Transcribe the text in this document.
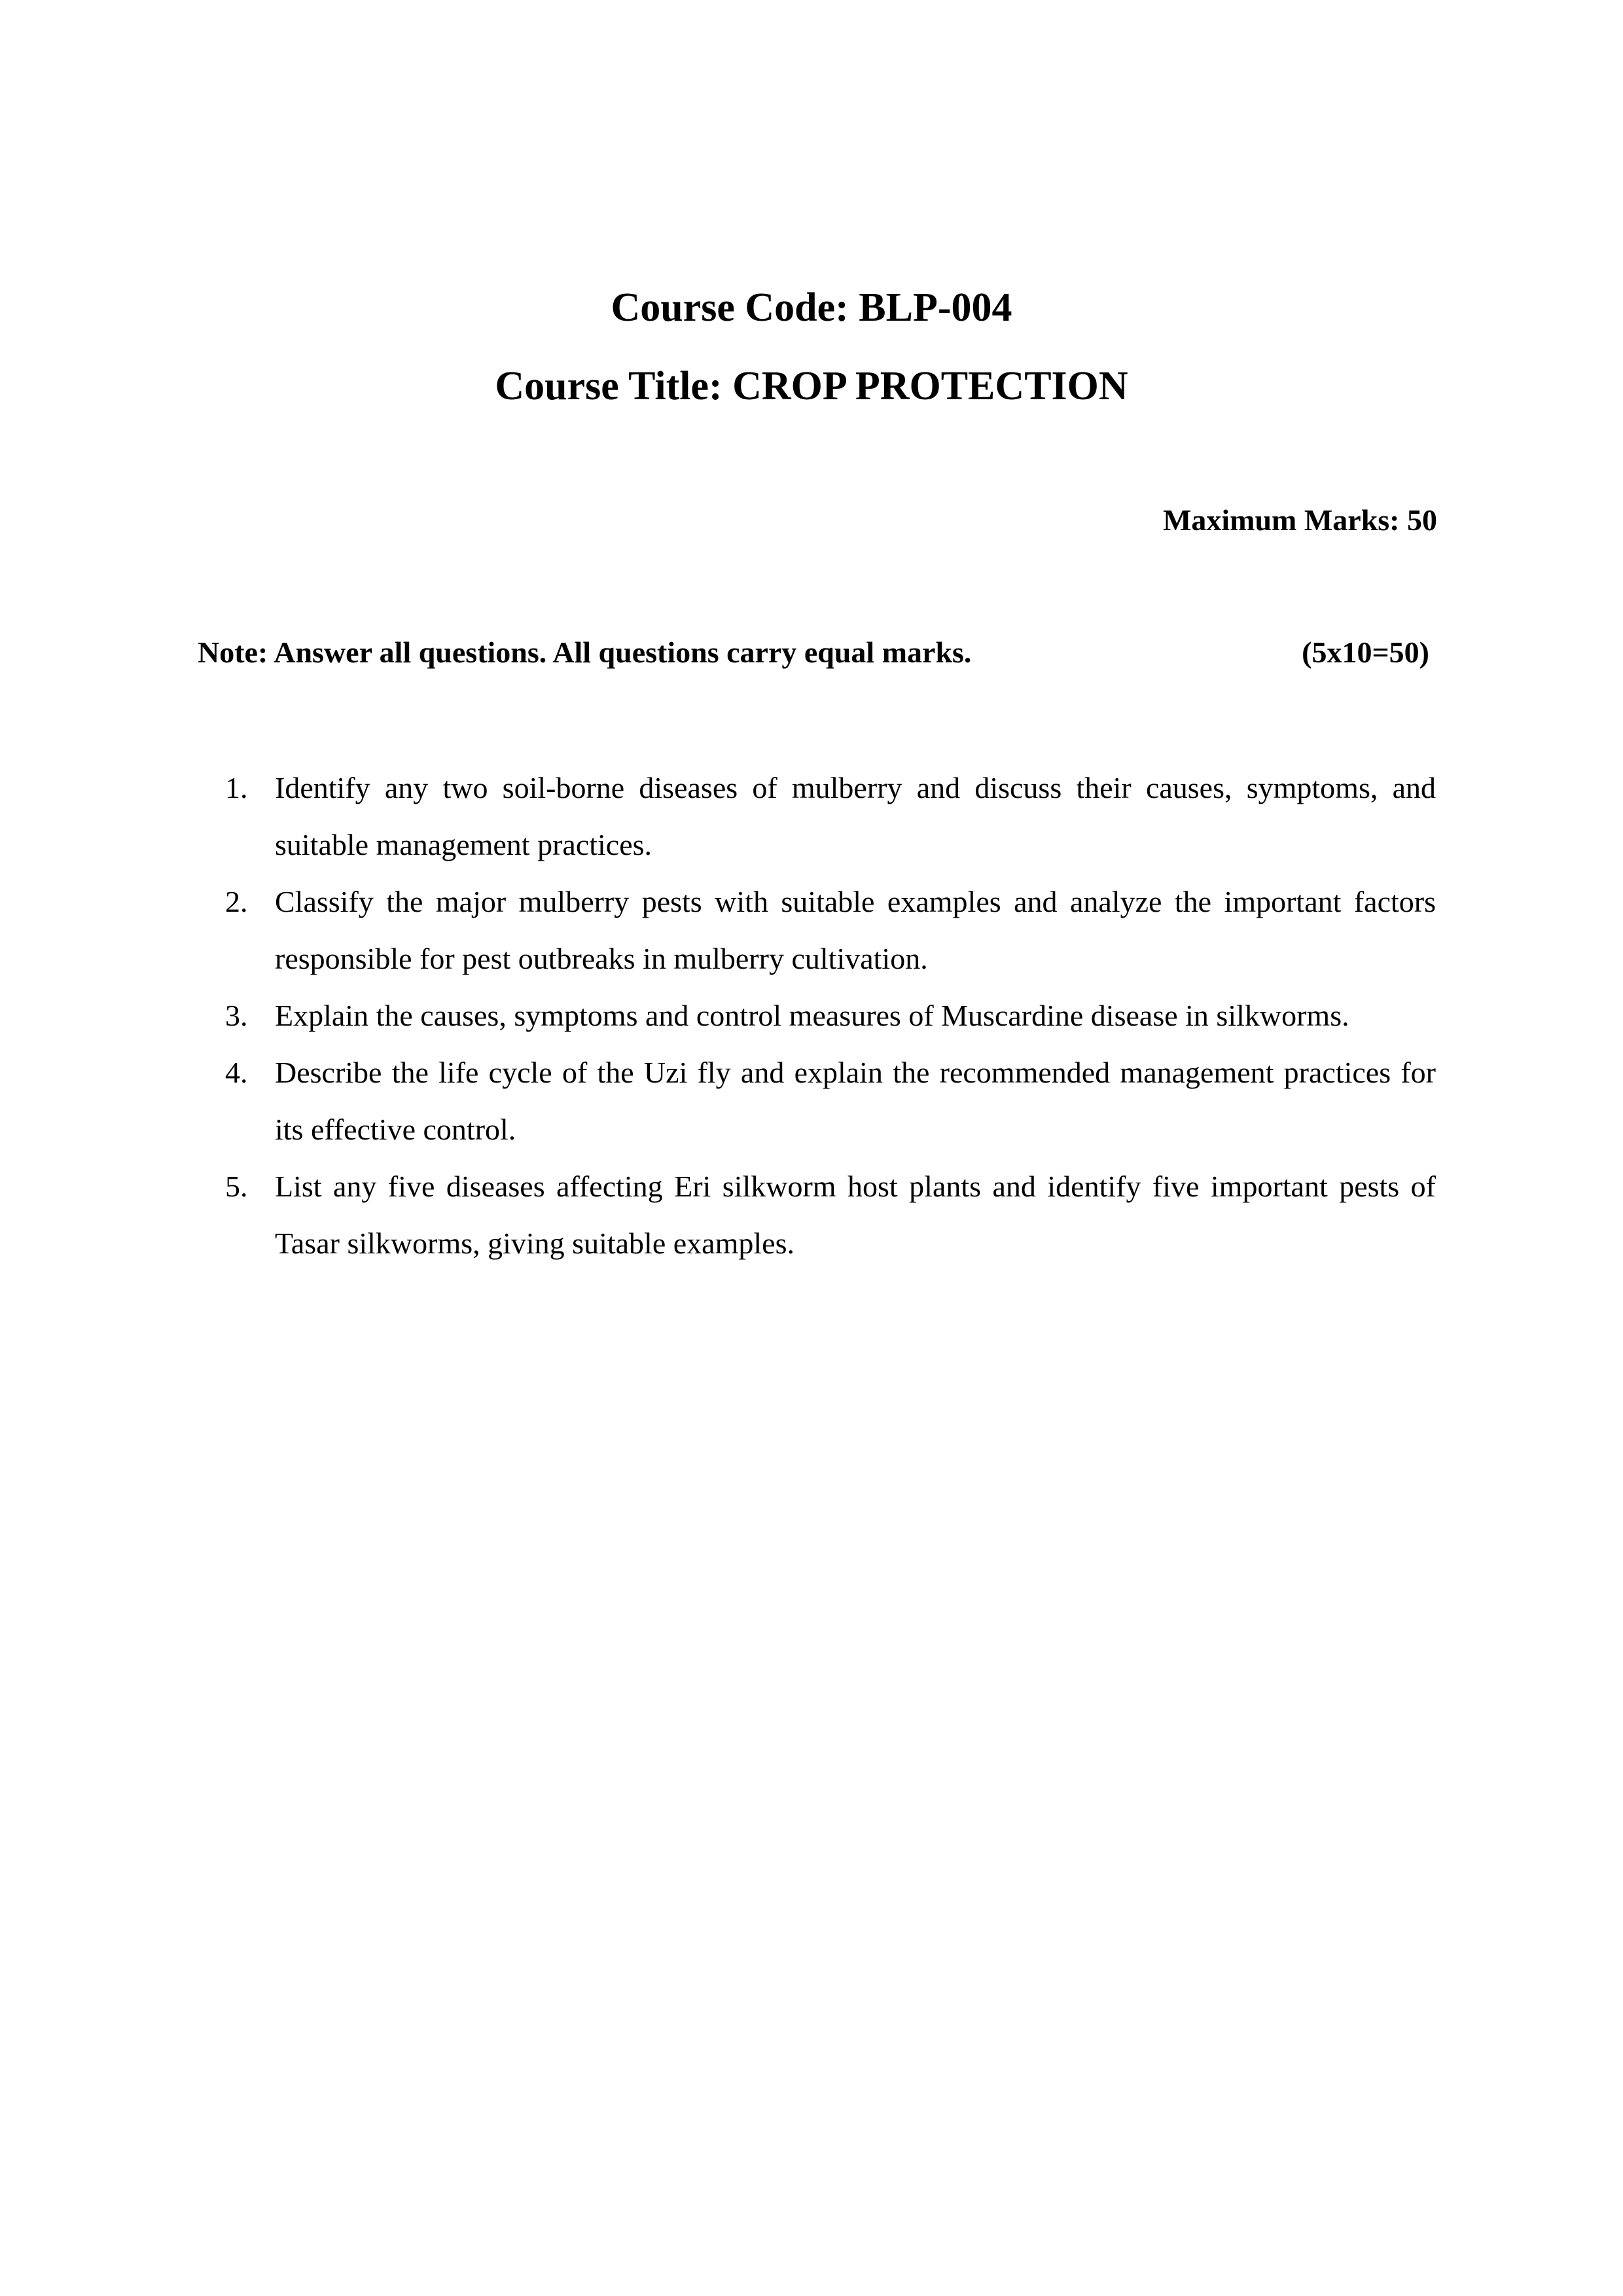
Course Code: BLP-004
Course Title: CROP PROTECTION

Maximum Marks: 50

Note: Answer all questions. All questions carry equal marks.	(5x10=50)
1. Identify any two soil-borne diseases of mulberry and discuss their causes, symptoms, and suitable management practices.
2. Classify the major mulberry pests with suitable examples and analyze the important factors responsible for pest outbreaks in mulberry cultivation.
3. Explain the causes, symptoms and control measures of Muscardine disease in silkworms.
4. Describe the life cycle of the Uzi fly and explain the recommended management practices for its effective control.
5. List any five diseases affecting Eri silkworm host plants and identify five important pests of Tasar silkworms, giving suitable examples.
